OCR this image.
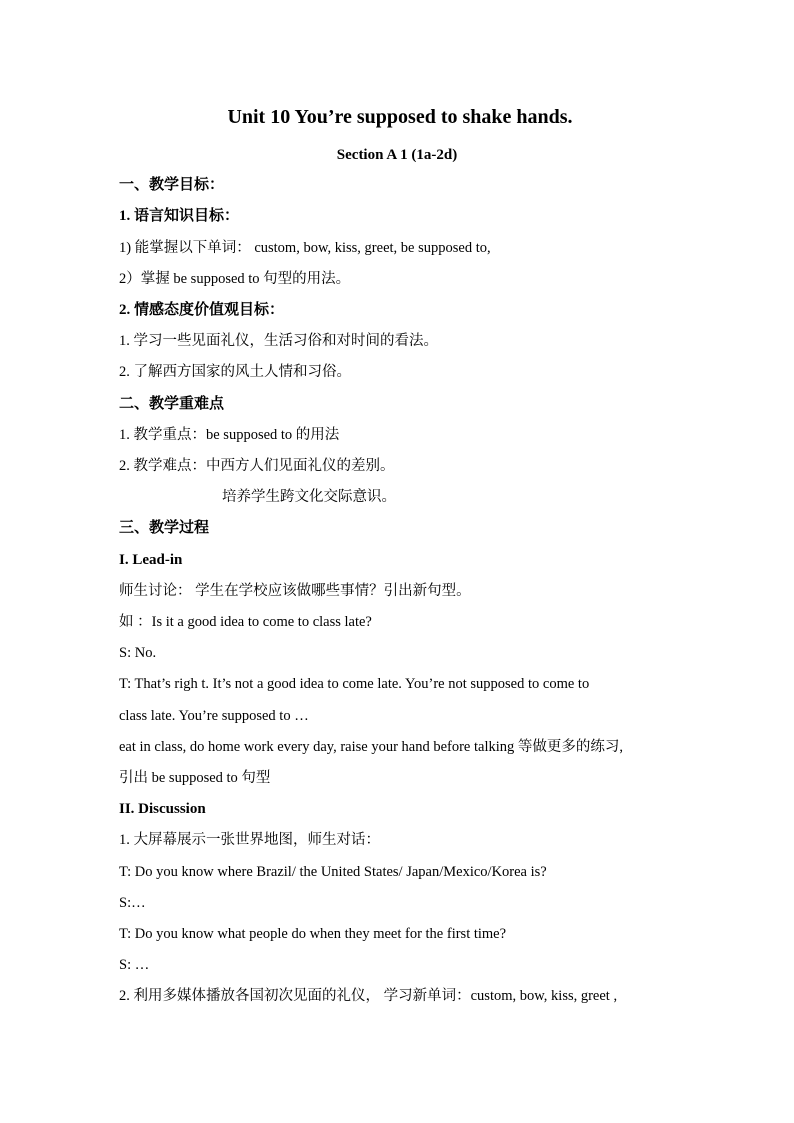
Unit 10 You’re supposed to shake hands.
Section A 1 (1a-2d)
一、教学目标：
1. 语言知识目标：
1) 能掌握以下单词： custom, bow, kiss, greet, be supposed to,
2）掌握 be supposed to 句型的用法。
2. 情感态度价值观目标：
1. 学习一些见面礼仪，生活习俗和对时间的看法。
2. 了解西方国家的风土人情和习俗。
二、教学重难点
1. 教学重点：be supposed to 的用法
2. 教学难点：中西方人们见面礼仪的差别。
培养学生跨文化交际意识。
三、教学过程
I. Lead-in
师生讨论： 学生在学校应该做哪些事情？引出新句型。
如 ：Is it a good idea to come to class late?
S: No.
T: That’s righ t. It’s not a good idea to come late. You’re not supposed to come to
class late. You’re supposed to …
eat in class, do home work every day, raise your hand before talking 等做更多的练习,
引出 be supposed to 句型
II. Discussion
1. 大屏幕展示一张世界地图，师生对话：
T: Do you know where Brazil/ the United States/ Japan/Mexico/Korea is?
S:…
T: Do you know what people do when they meet for the first time?
S: …
2. 利用多媒体播放各国初次见面的礼仪， 学习新单词：custom, bow, kiss, greet ,
